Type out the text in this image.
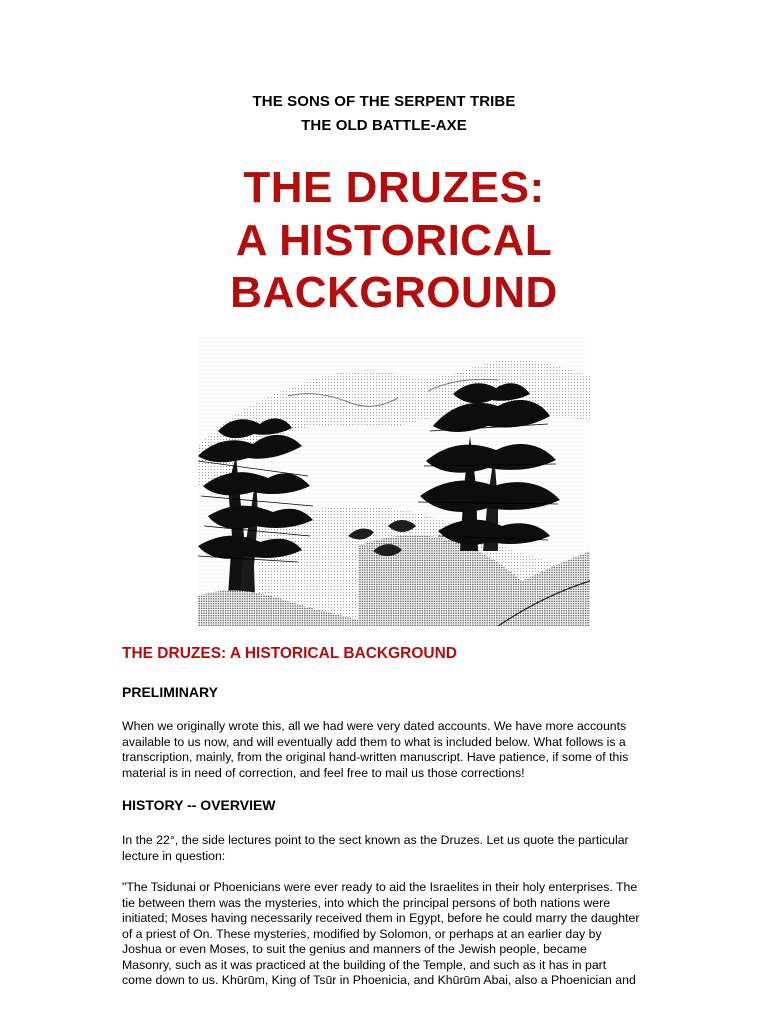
THE SONS OF THE SERPENT TRIBE
THE OLD BATTLE-AXE
THE DRUZES:
A HISTORICAL
BACKGROUND
THE DRUZES: A HISTORICAL BACKGROUND
PRELIMINARY
When we originally wrote this, all we had were very dated accounts. We have more accounts
available to us now, and will eventually add them to what is included below. What follows is a
transcription, mainly, from the original hand-written manuscript. Have patience, if some of this
material is in need of correction, and feel free to mail us those corrections!
HISTORY -- OVERVIEW
In the 22°, the side lectures point to the sect known as the Druzes. Let us quote the particular
lecture in question:
"The Tsidunai or Phoenicians were ever ready to aid the Israelites in their holy enterprises. The
tie between them was the mysteries, into which the principal persons of both nations were
initiated; Moses having necessarily received them in Egypt, before he could marry the daughter
of a priest of On. These mysteries, modified by Solomon, or perhaps at an earlier day by
Joshua or even Moses, to suit the genius and manners of the Jewish people, became
Masonry, such as it was practiced at the building of the Temple, and such as it has in part
come down to us. Khūrūm, King of Tsūr in Phoenicia, and Khūrūm Abai, also a Phoenician and
